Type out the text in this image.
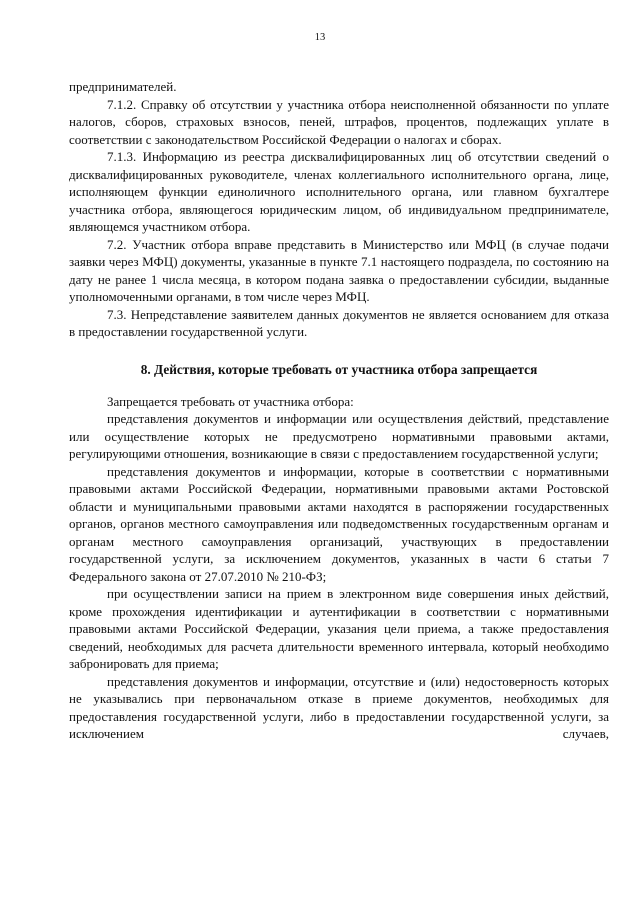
13

предпринимателей.

7.1.2. Справку об отсутствии у участника отбора неисполненной обязанности по уплате налогов, сборов, страховых взносов, пеней, штрафов, процентов, подлежащих уплате в соответствии с законодательством Российской Федерации о налогах и сборах.

7.1.3. Информацию из реестра дисквалифицированных лиц об отсутствии сведений о дисквалифицированных руководителе, членах коллегиального исполнительного органа, лице, исполняющем функции единоличного исполнительного органа, или главном бухгалтере участника отбора, являющегося юридическим лицом, об индивидуальном предпринимателе, являющемся участником отбора.

7.2. Участник отбора вправе представить в Министерство или МФЦ (в случае подачи заявки через МФЦ) документы, указанные в пункте 7.1 настоящего подраздела, по состоянию на дату не ранее 1 числа месяца, в котором подана заявка о предоставлении субсидии, выданные уполномоченными органами, в том числе через МФЦ.

7.3. Непредставление заявителем данных документов не является основанием для отказа в предоставлении государственной услуги.

8. Действия, которые требовать от участника отбора запрещается

Запрещается требовать от участника отбора:

представления документов и информации или осуществления действий, представление или осуществление которых не предусмотрено нормативными правовыми актами, регулирующими отношения, возникающие в связи с предоставлением государственной услуги;

представления документов и информации, которые в соответствии с нормативными правовыми актами Российской Федерации, нормативными правовыми актами Ростовской области и муниципальными правовыми актами находятся в распоряжении государственных органов, органов местного самоуправления или подведомственных государственным органам и органам местного самоуправления организаций, участвующих в предоставлении государственной услуги, за исключением документов, указанных в части 6 статьи 7 Федерального закона от 27.07.2010 № 210-ФЗ;

при осуществлении записи на прием в электронном виде совершения иных действий, кроме прохождения идентификации и аутентификации в соответствии с нормативными правовыми актами Российской Федерации, указания цели приема, а также предоставления сведений, необходимых для расчета длительности временного интервала, который необходимо забронировать для приема;

представления документов и информации, отсутствие и (или) недостоверность которых не указывались при первоначальном отказе в приеме документов, необходимых для предоставления государственной услуги, либо в предоставлении государственной услуги, за исключением случаев,
